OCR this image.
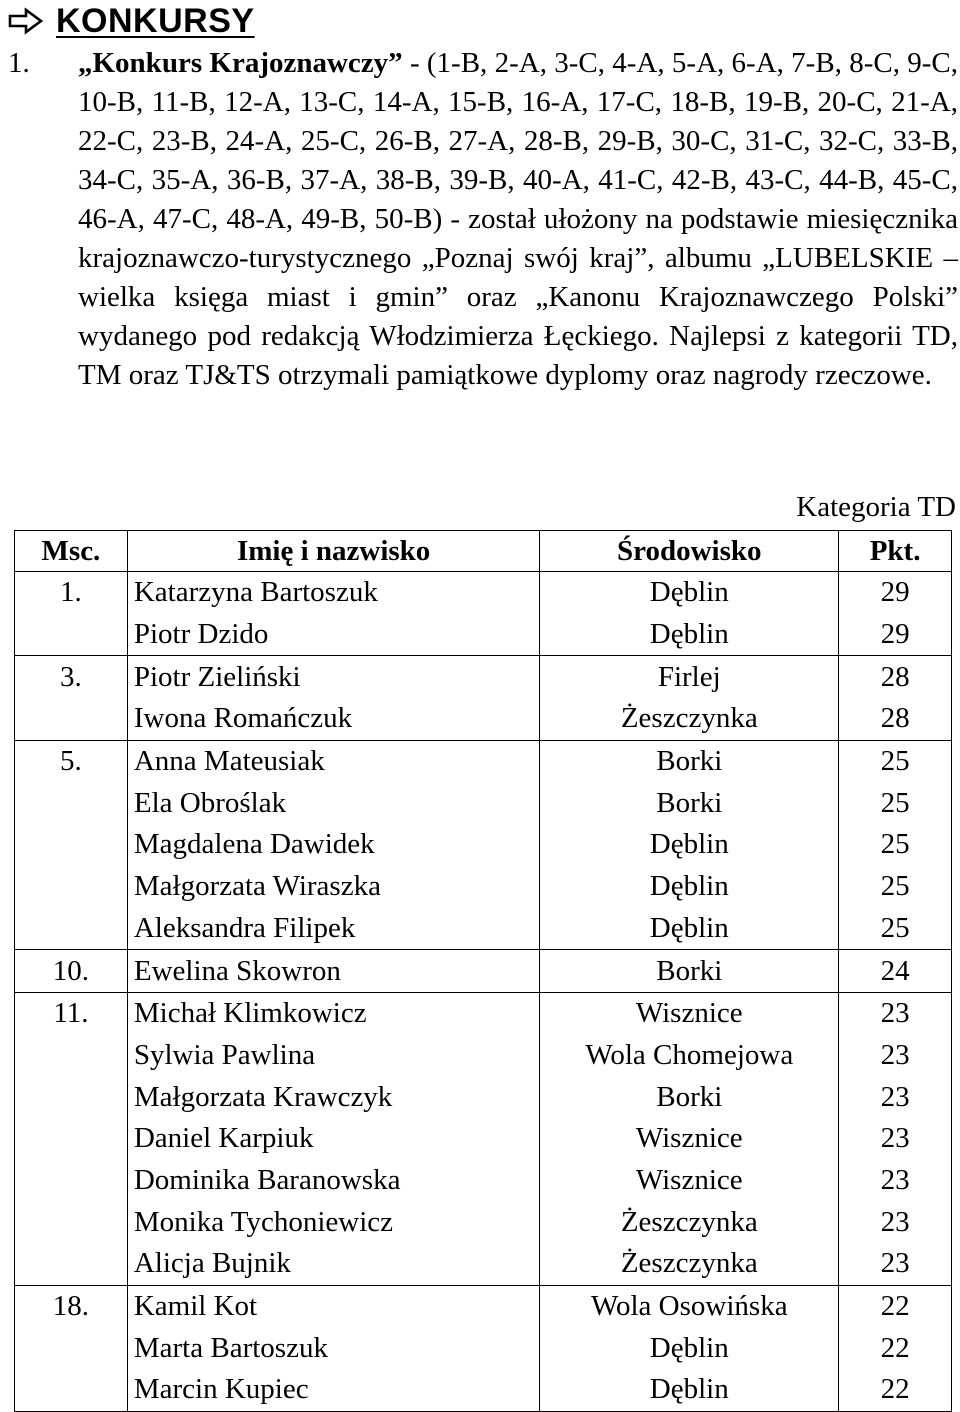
KONKURSY
1. „Konkurs Krajoznawczy” - (1-B, 2-A, 3-C, 4-A, 5-A, 6-A, 7-B, 8-C, 9-C, 10-B, 11-B, 12-A, 13-C, 14-A, 15-B, 16-A, 17-C, 18-B, 19-B, 20-C, 21-A, 22-C, 23-B, 24-A, 25-C, 26-B, 27-A, 28-B, 29-B, 30-C, 31-C, 32-C, 33-B, 34-C, 35-A, 36-B, 37-A, 38-B, 39-B, 40-A, 41-C, 42-B, 43-C, 44-B, 45-C, 46-A, 47-C, 48-A, 49-B, 50-B) - został ułożony na podstawie miesięcznika krajoznawczo-turystycznego „Poznaj swój kraj”, albumu „LUBELSKIE – wielka księga miast i gmin” oraz „Kanonu Krajoznawczego Polski” wydanego pod redakcją Włodzimierza Łęckiego. Najlepsi z kategorii TD, TM oraz TJ&TS otrzymali pamiątkowe dyplomy oraz nagrody rzeczowe.
Kategoria TD
Msc.	Imię i nazwisko	Środowisko	Pkt.
1.	Katarzyna Bartoszuk	Dęblin	29
	Piotr Dzido	Dęblin	29
3.	Piotr Zieliński	Firlej	28
	Iwona Romańczuk	Żeszczynka	28
5.	Anna Mateusiak	Borki	25
	Ela Obroślak	Borki	25
	Magdalena Dawidek	Dęblin	25
	Małgorzata Wiraszka	Dęblin	25
	Aleksandra Filipek	Dęblin	25
10.	Ewelina Skowron	Borki	24
11.	Michał Klimkowicz	Wisznice	23
	Sylwia Pawlina	Wola Chomejowa	23
	Małgorzata Krawczyk	Borki	23
	Daniel Karpiuk	Wisznice	23
	Dominika Baranowska	Wisznice	23
	Monika Tychoniewicz	Żeszczynka	23
	Alicja Bujnik	Żeszczynka	23
18.	Kamil Kot	Wola Osowińska	22
	Marta Bartoszuk	Dęblin	22
	Marcin Kupiec	Dęblin	22
